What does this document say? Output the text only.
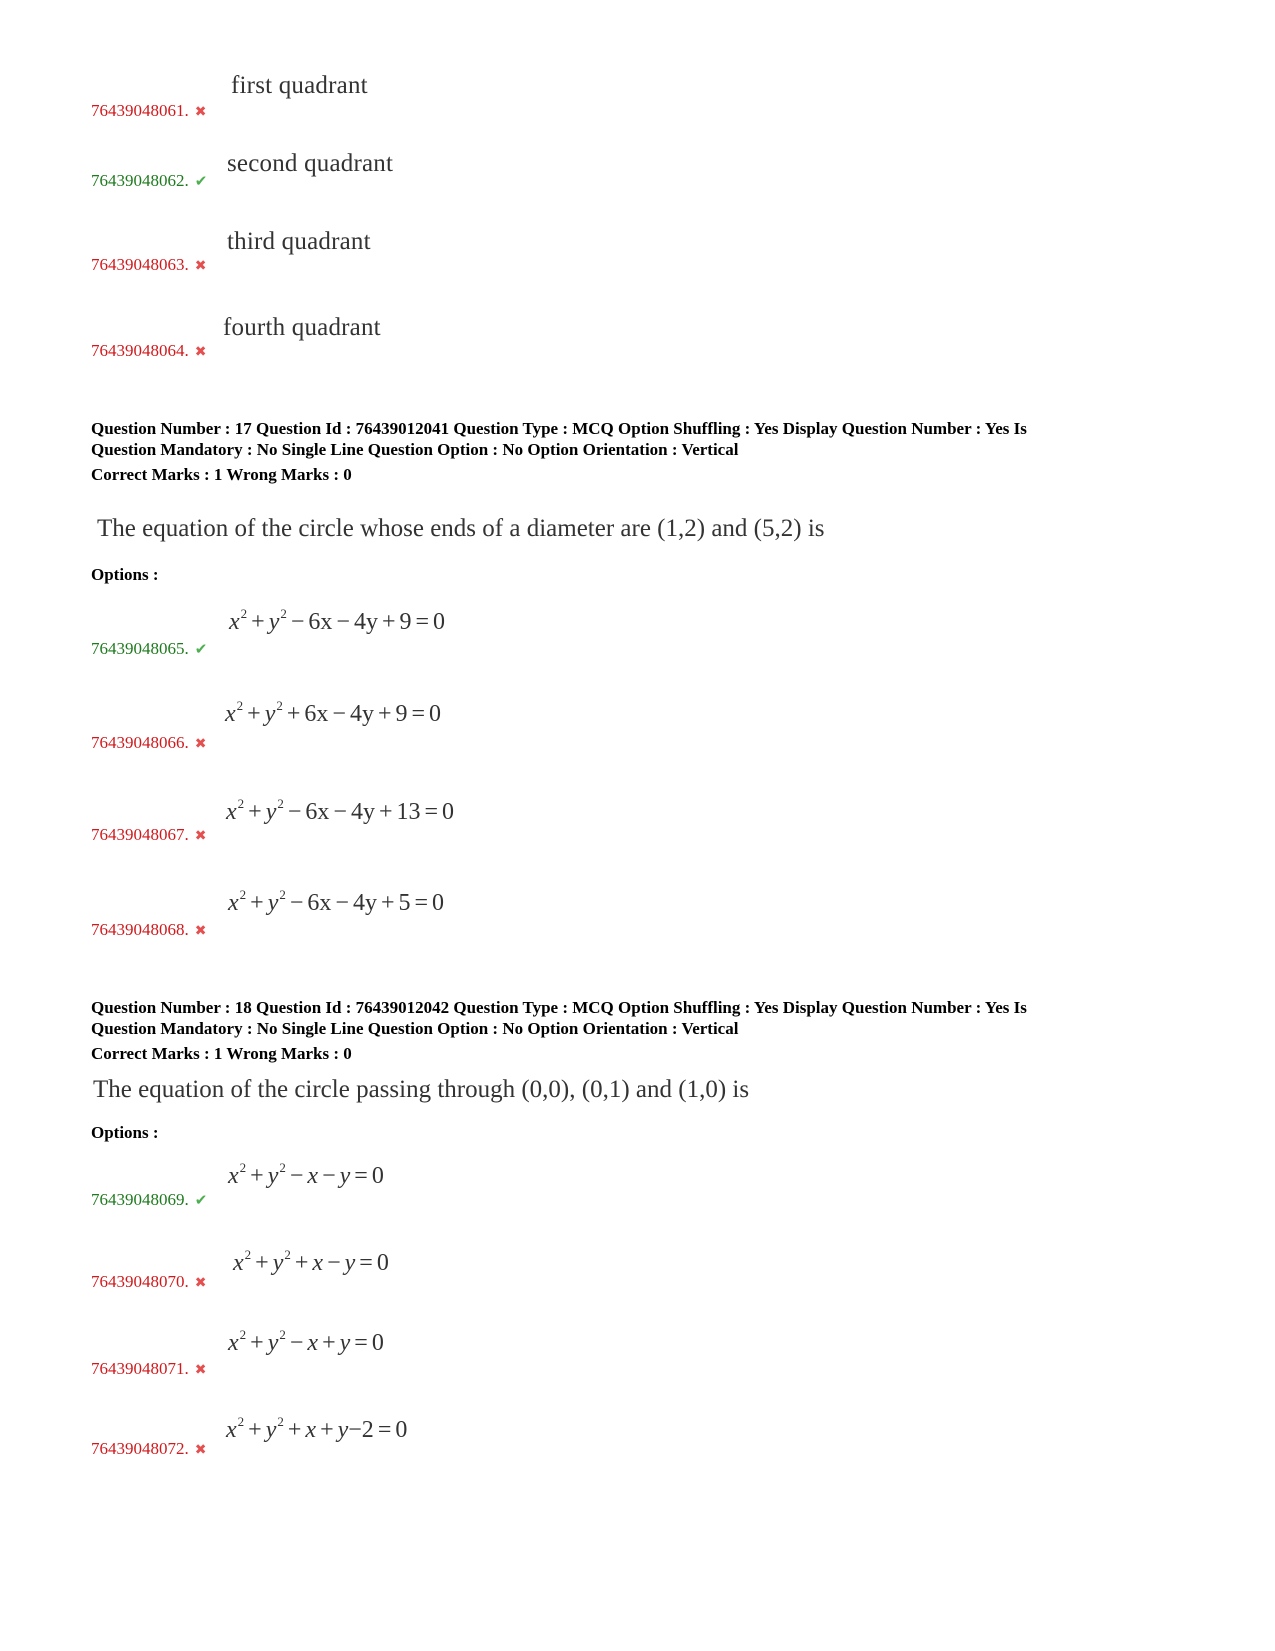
first quadrant
76439048061. ✖
second quadrant
76439048062. ✔
third quadrant
76439048063. ✖
fourth quadrant
76439048064. ✖
Question Number : 17 Question Id : 76439012041 Question Type : MCQ Option Shuffling : Yes Display Question Number : Yes Is
Question Mandatory : No Single Line Question Option : No Option Orientation : Vertical
Correct Marks : 1 Wrong Marks : 0
The equation of the circle whose ends of a diameter are (1,2) and (5,2) is
Options :
$x^2 + y^2 - 6x - 4y + 9 = 0$
76439048065. ✔
$x^2 + y^2 + 6x - 4y + 9 = 0$
76439048066. ✖
$x^2 + y^2 - 6x - 4y + 13 = 0$
76439048067. ✖
$x^2 + y^2 - 6x - 4y + 5 = 0$
76439048068. ✖
Question Number : 18 Question Id : 76439012042 Question Type : MCQ Option Shuffling : Yes Display Question Number : Yes Is
Question Mandatory : No Single Line Question Option : No Option Orientation : Vertical
Correct Marks : 1 Wrong Marks : 0
The equation of the circle passing through (0,0), (0,1) and (1,0) is
Options :
$x^2 + y^2 - x - y = 0$
76439048069. ✔
$x^2 + y^2 + x - y = 0$
76439048070. ✖
$x^2 + y^2 - x + y = 0$
76439048071. ✖
$x^2 + y^2 + x + y-2 = 0$
76439048072. ✖
